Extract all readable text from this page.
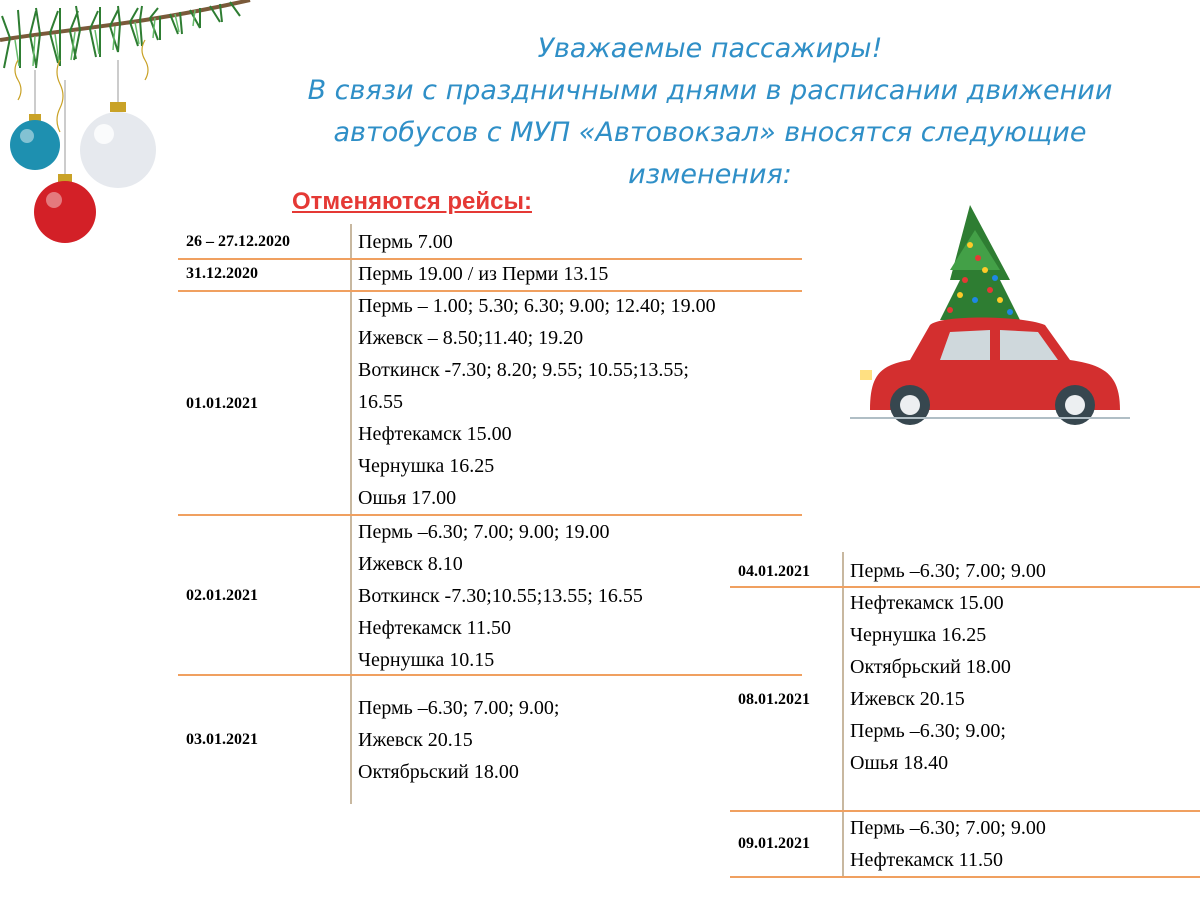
Уважаемые пассажиры!
В связи с праздничными днями в расписании движении
автобусов с МУП «Автовокзал» вносятся следующие
изменения:
Отменяются рейсы:
26 – 27.12.2020	Пермь 7.00
31.12.2020	Пермь 19.00 / из Перми 13.15
01.01.2021
Пермь – 1.00; 5.30; 6.30; 9.00; 12.40; 19.00
Ижевск – 8.50;11.40; 19.20
Воткинск -7.30; 8.20; 9.55; 10.55;13.55;
16.55
Нефтекамск 15.00
Чернушка 16.25
Ошья 17.00
02.01.2021
Пермь –6.30; 7.00; 9.00; 19.00
Ижевск 8.10
Воткинск -7.30;10.55;13.55; 16.55
Нефтекамск 11.50
Чернушка 10.15
03.01.2021
Пермь –6.30; 7.00; 9.00;
Ижевск 20.15
Октябрьский 18.00
04.01.2021 Пермь –6.30; 7.00; 9.00
08.01.2021
Нефтекамск 15.00
Чернушка 16.25
Октябрьский 18.00
Ижевск 20.15
Пермь –6.30; 9.00;
Ошья 18.40
09.01.2021
Пермь –6.30; 7.00; 9.00
Нефтекамск 11.50
